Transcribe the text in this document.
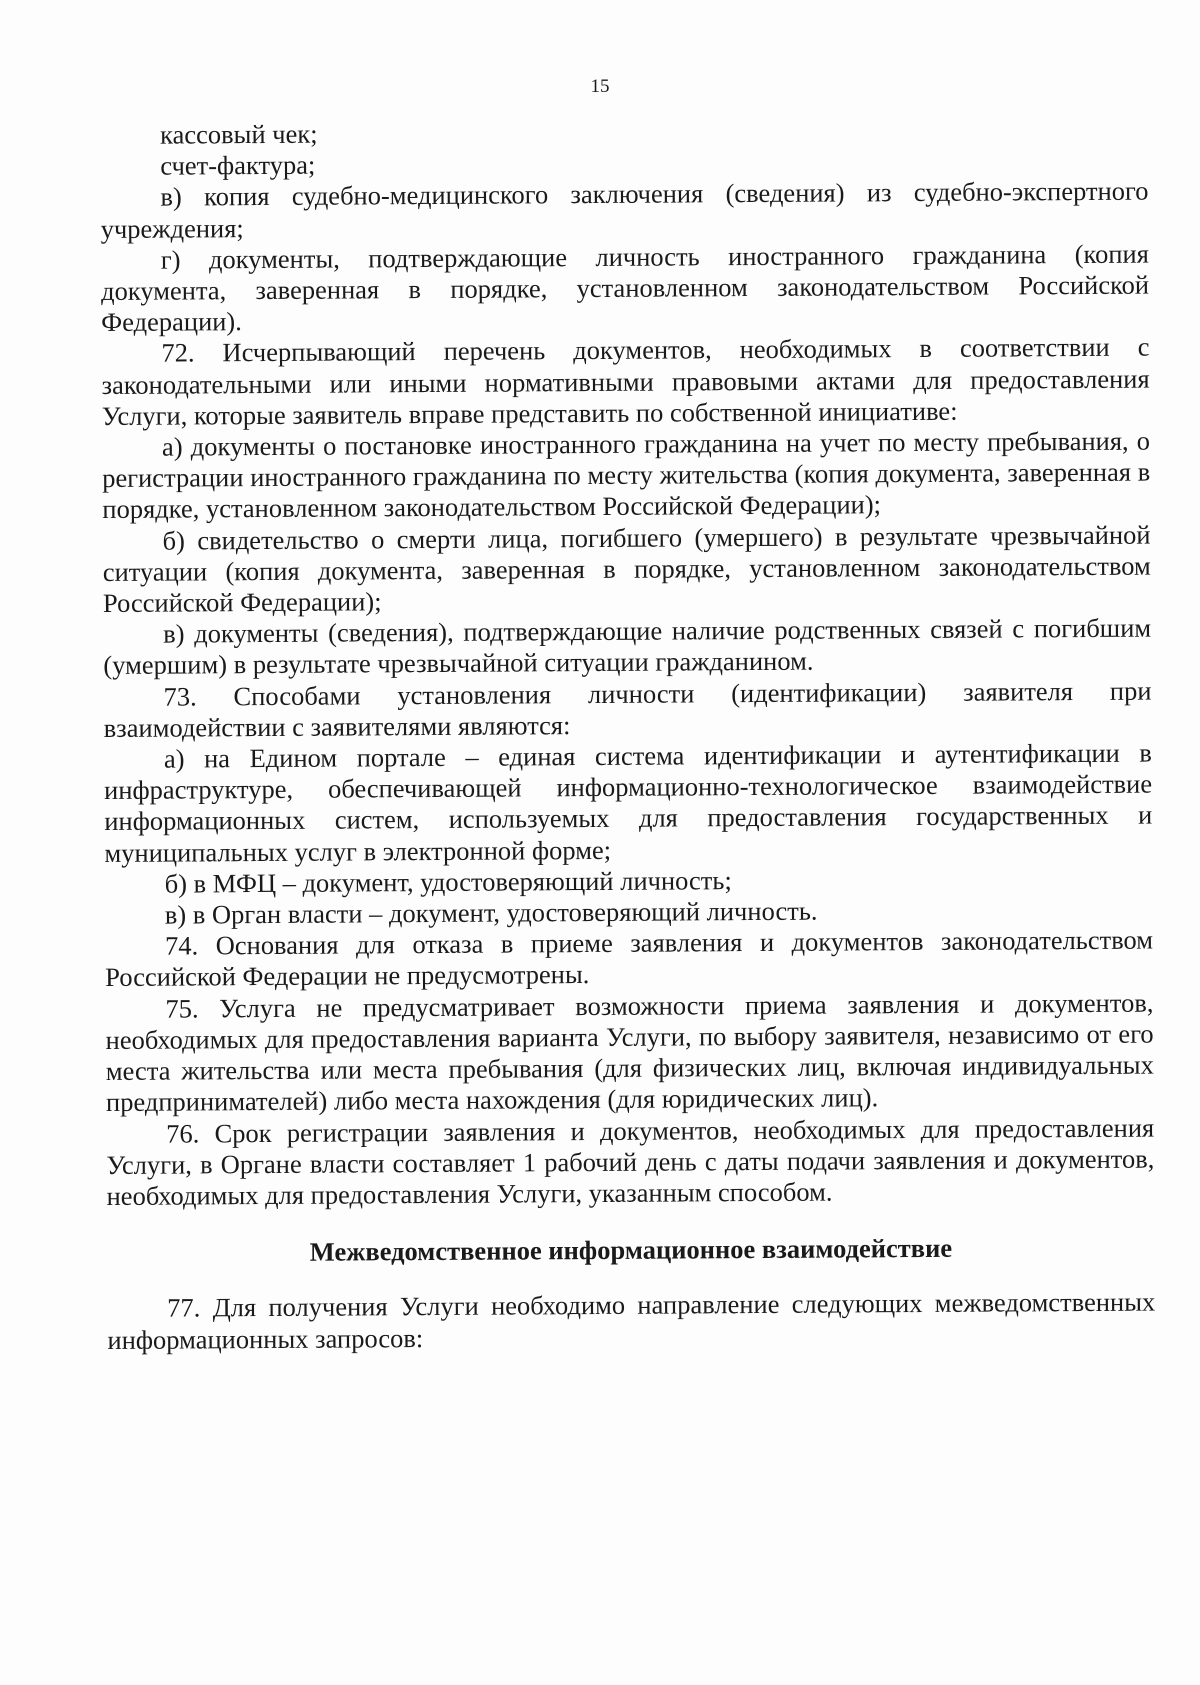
15

кассовый чек;

счет-фактура;

в) копия судебно-медицинского заключения (сведения) из судебно-экспертного учреждения;

г) документы, подтверждающие личность иностранного гражданина (копия документа, заверенная в порядке, установленном законодательством Российской Федерации).

72. Исчерпывающий перечень документов, необходимых в соответствии с законодательными или иными нормативными правовыми актами для предоставления Услуги, которые заявитель вправе представить по собственной инициативе:

а) документы о постановке иностранного гражданина на учет по месту пребывания, о регистрации иностранного гражданина по месту жительства (копия документа, заверенная в порядке, установленном законодательством Российской Федерации);

б) свидетельство о смерти лица, погибшего (умершего) в результате чрезвычайной ситуации (копия документа, заверенная в порядке, установленном законодательством Российской Федерации);

в) документы (сведения), подтверждающие наличие родственных связей с погибшим (умершим) в результате чрезвычайной ситуации гражданином.

73. Способами установления личности (идентификации) заявителя при взаимодействии с заявителями являются:

а) на Едином портале – единая система идентификации и аутентификации в инфраструктуре, обеспечивающей информационно-технологическое взаимодействие информационных систем, используемых для предоставления государственных и муниципальных услуг в электронной форме;

б) в МФЦ – документ, удостоверяющий личность;

в) в Орган власти – документ, удостоверяющий личность.

74. Основания для отказа в приеме заявления и документов законодательством Российской Федерации не предусмотрены.

75. Услуга не предусматривает возможности приема заявления и документов, необходимых для предоставления варианта Услуги, по выбору заявителя, независимо от его места жительства или места пребывания (для физических лиц, включая индивидуальных предпринимателей) либо места нахождения (для юридических лиц).

76. Срок регистрации заявления и документов, необходимых для предоставления Услуги, в Органе власти составляет 1 рабочий день с даты подачи заявления и документов, необходимых для предоставления Услуги, указанным способом.

Межведомственное информационное взаимодействие

77. Для получения Услуги необходимо направление следующих межведомственных информационных запросов:
